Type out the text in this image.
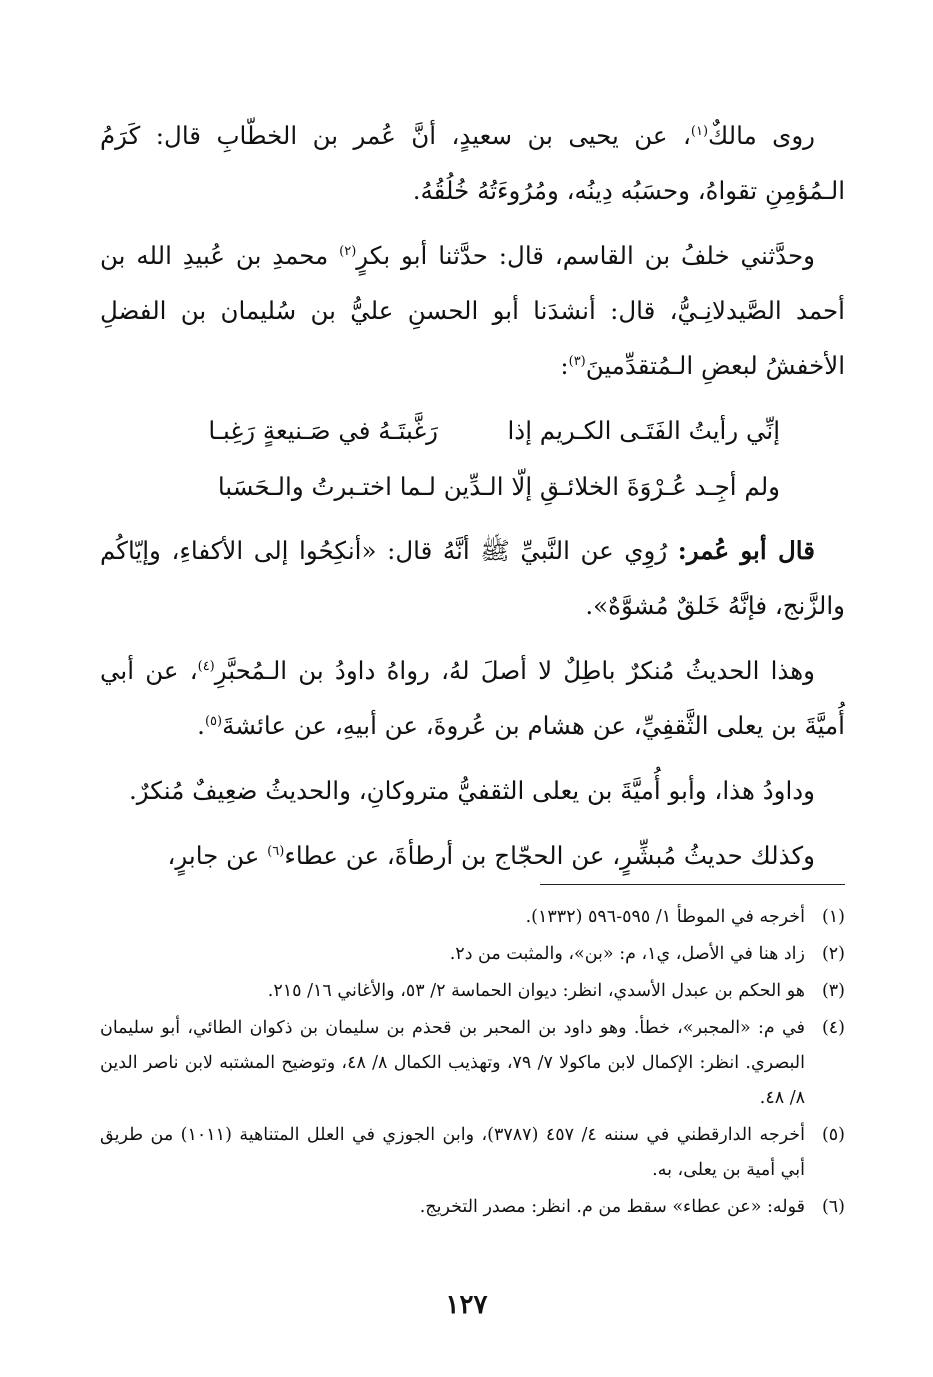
روى مالكٌ$^{(١)}$، عن يحيى بن سعيدٍ، أنَّ عُمر بن الخطّابِ قال: كَرَمُ الـمُؤمِنِ تقواهُ، وحسَبُه دِينُه، ومُرُوءَتُهُ خُلُقُهُ.

وحدَّثني خلفُ بن القاسم، قال: حدَّثنا أبو بكرٍ$^{(٢)}$ محمدِ بن عُبيدِ الله بن أحمد الصَّيدلانِـيُّ، قال: أنشدَنا أبو الحسنِ عليُّ بن سُليمان بن الفضلِ الأخفشُ لبعضِ الـمُتقدِّمينَ$^{(٣)}$:

إنِّي رأيتُ الفَتَـى الكـريم إذا
رَغَّبتَـهُ في صَـنيعةٍ رَغِبـا
ولم أجِـد عُـرْوَةَ الخلائـقِ إلّا الـدِّين لـما اختـبرتُ والـحَسَبا

قال أبو عُمر: رُوِي عن النَّبيِّ ﷺ أنَّهُ قال: «أنكِحُوا إلى الأكفاءِ، وإيّاكُم والزَّنج، فإنَّهُ خَلقٌ مُشوَّهٌ».

وهذا الحديثُ مُنكرٌ باطِلٌ لا أصلَ لهُ، رواهُ داودُ بن الـمُحبَّرِ$^{(٤)}$، عن أبي أُميَّةَ بن يعلى الثَّقفِيِّ، عن هشام بن عُروةَ، عن أبيهِ، عن عائشةَ$^{(٥)}$.

وداودُ هذا، وأبو أُميَّةَ بن يعلى الثقفيُّ متروكانِ، والحديثُ ضعِيفٌ مُنكرٌ.

وكذلك حديثُ مُبشِّرٍ، عن الحجّاج بن أرطأةَ، عن عطاء$^{(٦)}$ عن جابرٍ،

(١)أخرجه في الموطأ ١/ ٥٩٥-٥٩٦ (١٣٣٢).

(٢)زاد هنا في الأصل، ي١، م: «بن»، والمثبت من د٢.

(٣)هو الحكم بن عبدل الأسدي، انظر: ديوان الحماسة ٢/ ٥٣، والأغاني ١٦/ ٢١٥.

(٤)في م: «المجبر»، خطأ. وهو داود بن المحبر بن قحذم بن سليمان بن ذكوان الطائي، أبو سليمان البصري. انظر: الإكمال لابن ماكولا ٧/ ٧٩، وتهذيب الكمال ٨/ ٤٨، وتوضيح المشتبه لابن ناصر الدين ٨/ ٤٨.

(٥)أخرجه الدارقطني في سننه ٤/ ٤٥٧ (٣٧٨٧)، وابن الجوزي في العلل المتناهية (١٠١١) من طريق أبي أمية بن يعلى، به.

(٦)قوله: «عن عطاء» سقط من م. انظر: مصدر التخريج.

١٢٧
